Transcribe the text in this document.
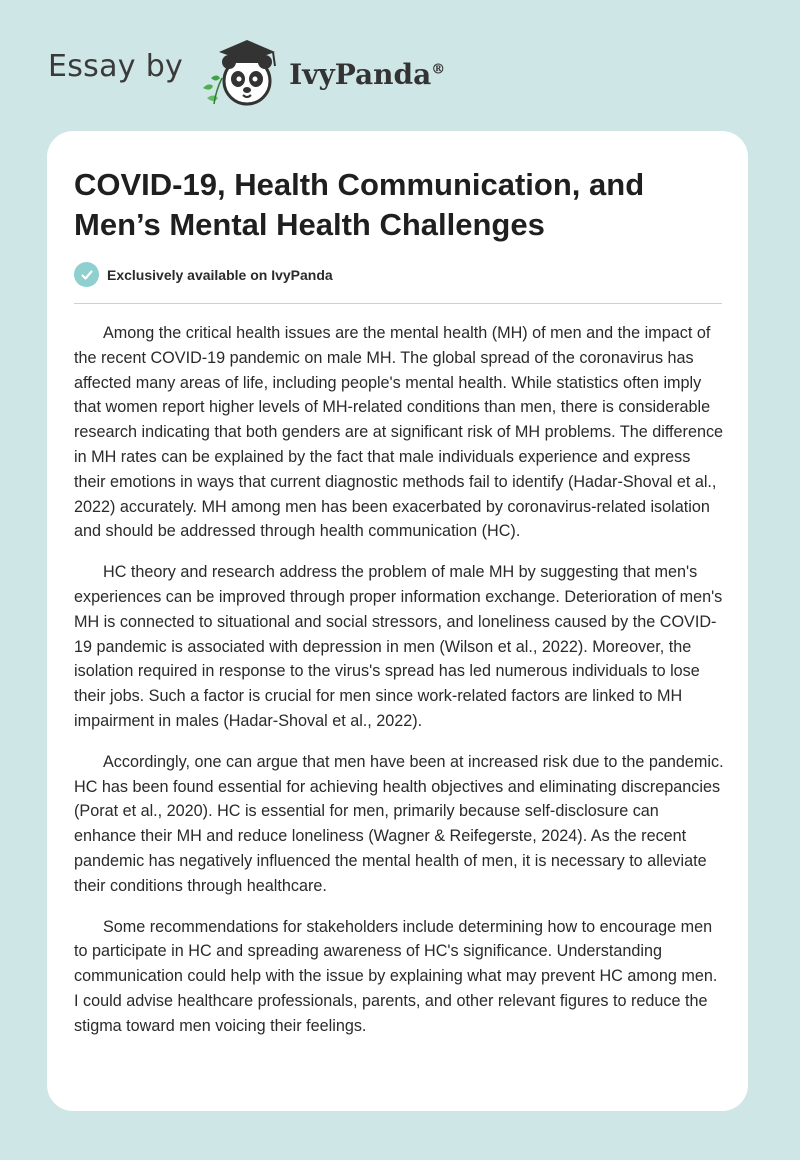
Essay by	IvyPanda®
COVID-19, Health Communication, and Men’s Mental Health Challenges
Exclusively available on IvyPanda

Among the critical health issues are the mental health (MH) of men and the impact of the recent COVID-19 pandemic on male MH. The global spread of the coronavirus has affected many areas of life, including people's mental health. While statistics often imply that women report higher levels of MH-related conditions than men, there is considerable research indicating that both genders are at significant risk of MH problems. The difference in MH rates can be explained by the fact that male individuals experience and express their emotions in ways that current diagnostic methods fail to identify (Hadar-Shoval et al., 2022) accurately. MH among men has been exacerbated by coronavirus-related isolation and should be addressed through health communication (HC).

HC theory and research address the problem of male MH by suggesting that men's experiences can be improved through proper information exchange. Deterioration of men's MH is connected to situational and social stressors, and loneliness caused by the COVID-19 pandemic is associated with depression in men (Wilson et al., 2022). Moreover, the isolation required in response to the virus's spread has led numerous individuals to lose their jobs. Such a factor is crucial for men since work-related factors are linked to MH impairment in males (Hadar-Shoval et al., 2022).

Accordingly, one can argue that men have been at increased risk due to the pandemic. HC has been found essential for achieving health objectives and eliminating discrepancies (Porat et al., 2020). HC is essential for men, primarily because self-disclosure can enhance their MH and reduce loneliness (Wagner & Reifegerste, 2024). As the recent pandemic has negatively influenced the mental health of men, it is necessary to alleviate their conditions through healthcare.

Some recommendations for stakeholders include determining how to encourage men to participate in HC and spreading awareness of HC's significance. Understanding communication could help with the issue by explaining what may prevent HC among men. I could advise healthcare professionals, parents, and other relevant figures to reduce the stigma toward men voicing their feelings.
